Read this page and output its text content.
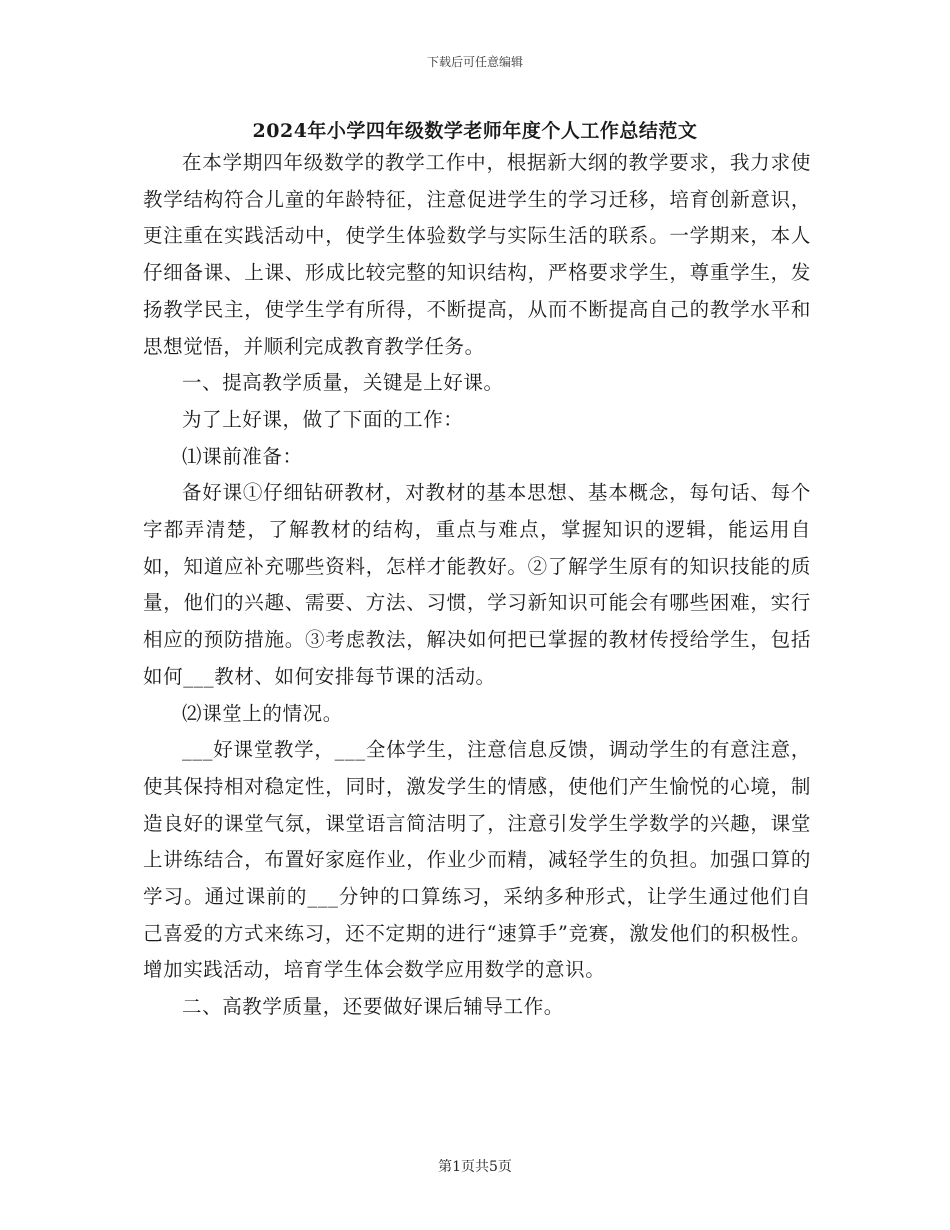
下载后可任意编辑
2024年小学四年级数学老师年度个人工作总结范文

在本学期四年级数学的教学工作中，根据新大纲的教学要求，我力求使教学结构符合儿童的年龄特征，注意促进学生的学习迁移，培育创新意识，更注重在实践活动中，使学生体验数学与实际生活的联系。一学期来，本人仔细备课、上课、形成比较完整的知识结构，严格要求学生，尊重学生，发扬教学民主，使学生学有所得，不断提高，从而不断提高自己的教学水平和思想觉悟，并顺利完成教育教学任务。

一、提高教学质量，关键是上好课。

为了上好课，做了下面的工作：

⑴课前准备：

备好课①仔细钻研教材，对教材的基本思想、基本概念，每句话、每个字都弄清楚，了解教材的结构，重点与难点，掌握知识的逻辑，能运用自如，知道应补充哪些资料，怎样才能教好。②了解学生原有的知识技能的质量，他们的兴趣、需要、方法、习惯，学习新知识可能会有哪些困难，实行相应的预防措施。③考虑教法，解决如何把已掌握的教材传授给学生，包括如何___教材、如何安排每节课的活动。

⑵课堂上的情况。

___好课堂教学，___全体学生，注意信息反馈，调动学生的有意注意，使其保持相对稳定性，同时，激发学生的情感，使他们产生愉悦的心境，制造良好的课堂气氛，课堂语言简洁明了，注意引发学生学数学的兴趣，课堂上讲练结合，布置好家庭作业，作业少而精，减轻学生的负担。加强口算的学习。通过课前的___分钟的口算练习，采纳多种形式，让学生通过他们自己喜爱的方式来练习，还不定期的进行“速算手”竞赛，激发他们的积极性。增加实践活动，培育学生体会数学应用数学的意识。

二、高教学质量，还要做好课后辅导工作。

第1页共5页
